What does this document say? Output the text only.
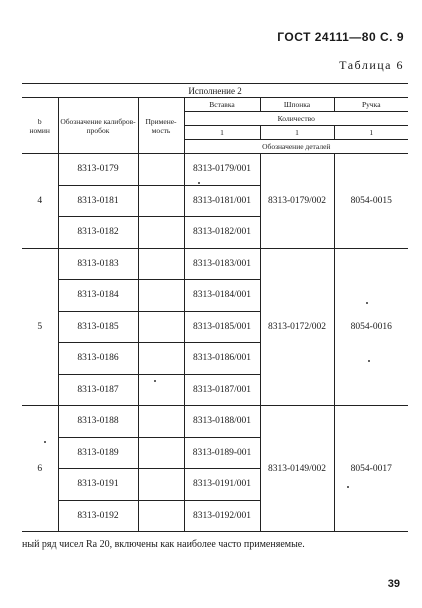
ГОСТ 24111—80 С. 9
Таблица 6
Исполнение 2					
b
номин	Обозначение калибров-пробок	Примене-мость	Вставка	Шпонка	Ручка
			Количество		
			1	1	1
			Обозначение деталей		
4	8313-0179		8313-0179/001	8313-0179/002	8054-0015
	8313-0181		8313-0181/001		
	8313-0182		8313-0182/001		
5	8313-0183		8313-0183/001	8313-0172/002	8054-0016
	8313-0184		8313-0184/001		
	8313-0185		8313-0185/001		
	8313-0186		8313-0186/001		
	8313-0187		8313-0187/001		
6	8313-0188		8313-0188/001	8313-0149/002	8054-0017
	8313-0189		8313-0189-001		
	8313-0191		8313-0191/001		
	8313-0192		8313-0192/001		
ный ряд чисел Ra 20, включены как наиболее часто применяемые.
39
